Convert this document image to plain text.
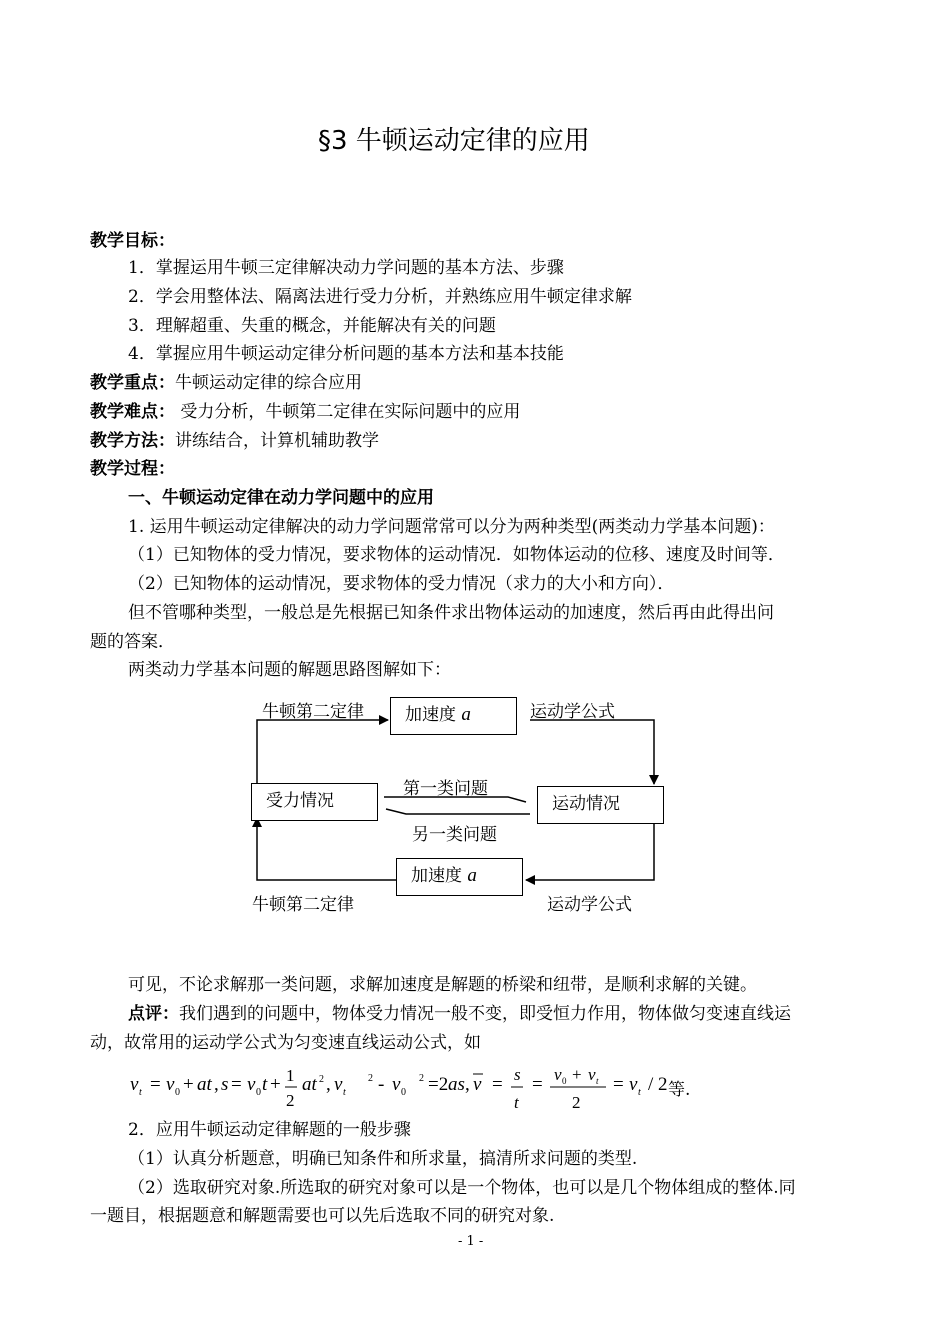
§3 牛顿运动定律的应用
教学目标：
1．掌握运用牛顿三定律解决动力学问题的基本方法、步骤
2．学会用整体法、隔离法进行受力分析，并熟练应用牛顿定律求解
3．理解超重、失重的概念，并能解决有关的问题
4．掌握应用牛顿运动定律分析问题的基本方法和基本技能
教学重点：牛顿运动定律的综合应用
教学难点： 受力分析，牛顿第二定律在实际问题中的应用
教学方法：讲练结合，计算机辅助教学
教学过程：
一、牛顿运动定律在动力学问题中的应用
1. 运用牛顿运动定律解决的动力学问题常常可以分为两种类型(两类动力学基本问题)：
（1）已知物体的受力情况，要求物体的运动情况．如物体运动的位移、速度及时间等．
（2）已知物体的运动情况，要求物体的受力情况（求力的大小和方向）．
但不管哪种类型，一般总是先根据已知条件求出物体运动的加速度，然后再由此得出问
题的答案．
两类动力学基本问题的解题思路图解如下：
加速度 a
受力情况	运动情况
加速度 a
牛顿第二定律	运动学公式
第一类问题
另一类问题
牛顿第二定律	运动学公式
可见，不论求解那一类问题，求解加速度是解题的桥梁和纽带，是顺利求解的关键。
点评：我们遇到的问题中，物体受力情况一般不变，即受恒力作用，物体做匀变速直线运
动，故常用的运动学公式为匀变速直线运动公式，如
v t = v 0 + at , s = v 0 t + 1
2
at 2 , v t
2 - v 0
2 =2 as , v = s
t
= v 0 + v t
2
= v t / 2 等.
2．应用牛顿运动定律解题的一般步骤
（1）认真分析题意，明确已知条件和所求量，搞清所求问题的类型.
（2）选取研究对象.所选取的研究对象可以是一个物体，也可以是几个物体组成的整体.同
一题目，根据题意和解题需要也可以先后选取不同的研究对象.
- 1 -
